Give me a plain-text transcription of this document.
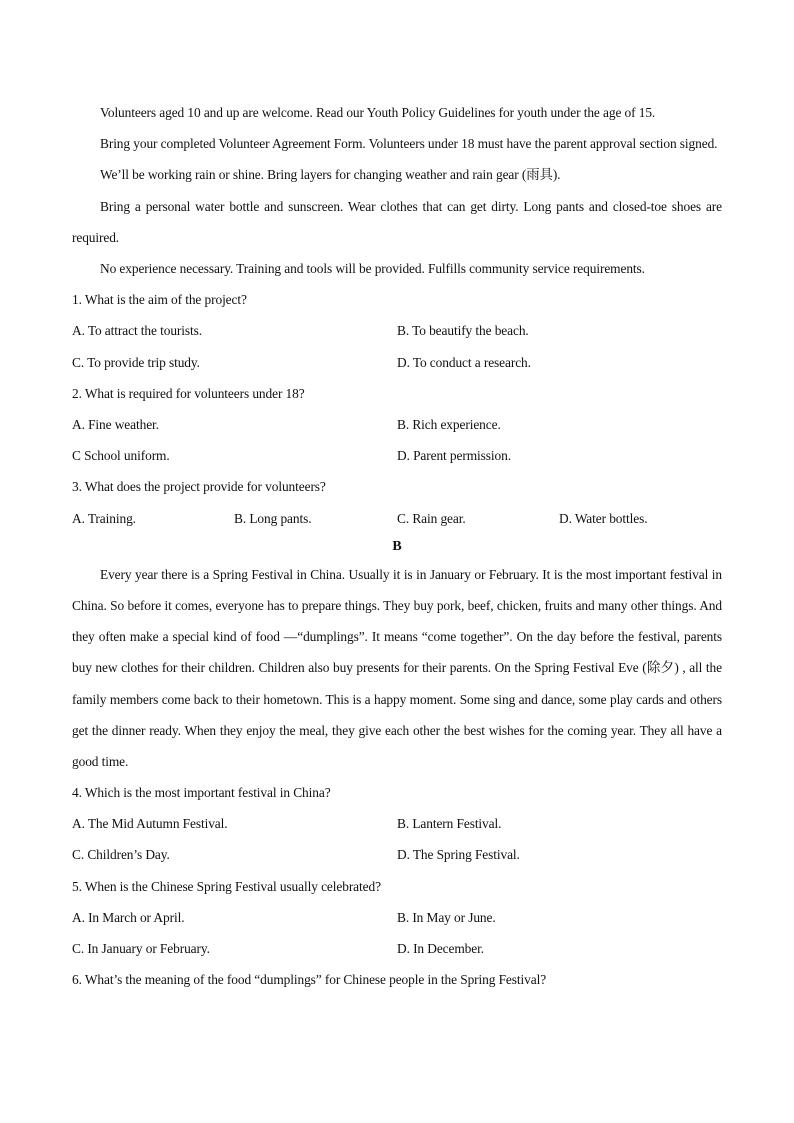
Volunteers aged 10 and up are welcome. Read our Youth Policy Guidelines for youth under the age of 15.
Bring your completed Volunteer Agreement Form. Volunteers under 18 must have the parent approval section signed.
We’ll be working rain or shine. Bring layers for changing weather and rain gear (雨具).
Bring a personal water bottle and sunscreen. Wear clothes that can get dirty. Long pants and closed-toe shoes are required.
No experience necessary. Training and tools will be provided. Fulfills community service requirements.
1. What is the aim of the project?
A. To attract the tourists.	B. To beautify the beach.
C. To provide trip study.	D. To conduct a research.
2. What is required for volunteers under 18?
A. Fine weather.	B. Rich experience.
C School uniform.	D. Parent permission.
3. What does the project provide for volunteers?
A. Training.	B. Long pants.	C. Rain gear.	D. Water bottles.
B
Every year there is a Spring Festival in China. Usually it is in January or February. It is the most important festival in China. So before it comes, everyone has to prepare things. They buy pork, beef, chicken, fruits and many other things. And they often make a special kind of food —“dumplings”. It means “come together”. On the day before the festival, parents buy new clothes for their children. Children also buy presents for their parents. On the Spring Festival Eve (除夕) , all the family members come back to their hometown. This is a happy moment. Some sing and dance, some play cards and others get the dinner ready. When they enjoy the meal, they give each other the best wishes for the coming year. They all have a good time.
4. Which is the most important festival in China?
A. The Mid Autumn Festival.	B. Lantern Festival.
C. Children’s Day.	D. The Spring Festival.
5. When is the Chinese Spring Festival usually celebrated?
A. In March or April.	B. In May or June.
C. In January or February.	D. In December.
6. What’s the meaning of the food “dumplings” for Chinese people in the Spring Festival?
